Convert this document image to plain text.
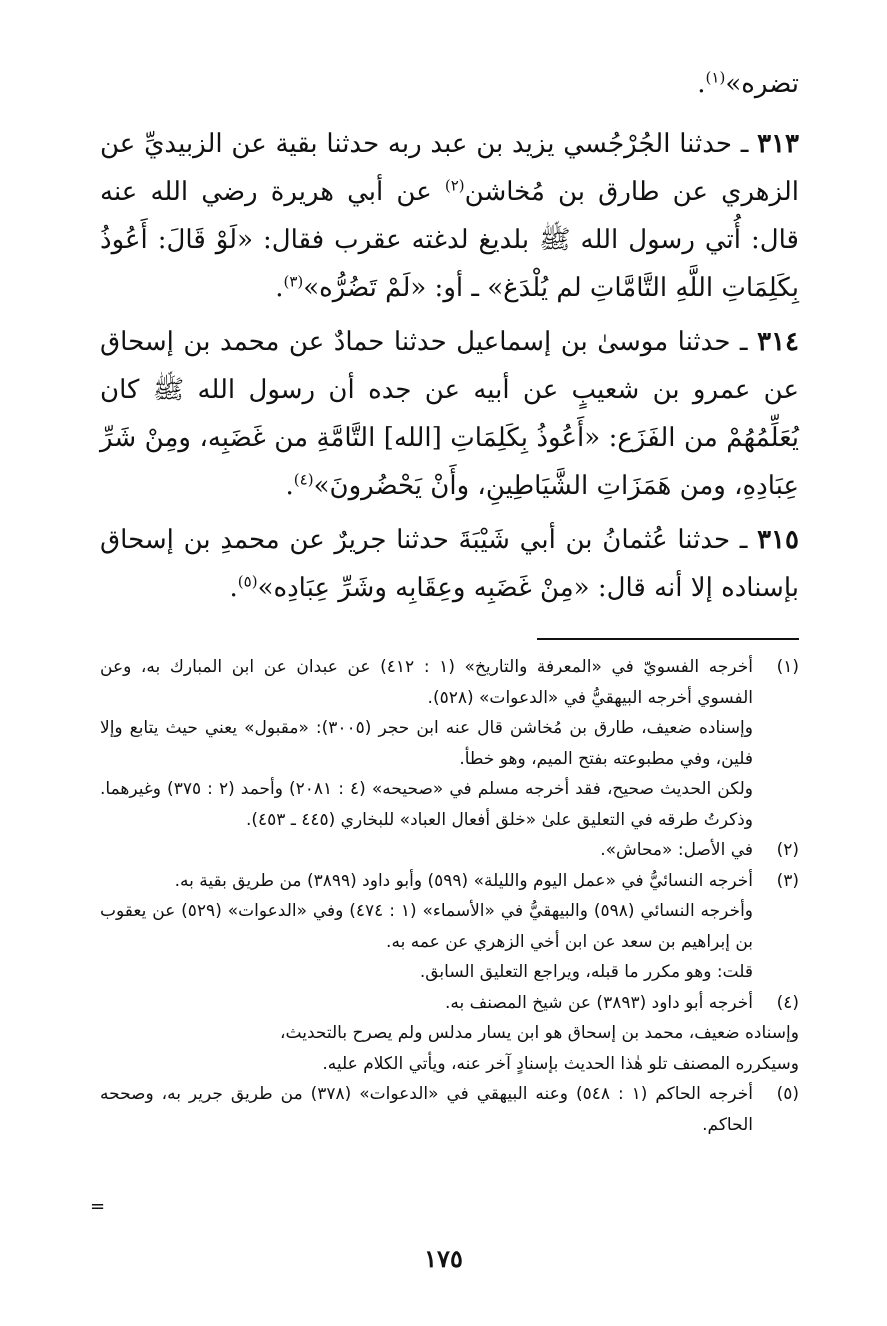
تضره»$^{(١)}$.

٣١٣ ـ حدثنا الجُرْجُسي يزيد بن عبد ربه حدثنا بقية عن الزبيديِّ عن الزهري عن طارق بن مُخاشن$^{(٢)}$ عن أبي هريرة رضي الله عنه قال: أُتي رسول الله ﷺ بلديغ لدغته عقرب فقال: «لَوْ قَالَ: أَعُوذُ بِكَلِمَاتِ اللَّهِ التَّامَّاتِ لم يُلْدَغ» ـ أو: «لَمْ تَضُرُّه»$^{(٣)}$.

٣١٤ ـ حدثنا موسىٰ بن إسماعيل حدثنا حمادٌ عن محمد بن إسحاق عن عمرو بن شعيبٍ عن أبيه عن جده أن رسول الله ﷺ كان يُعَلِّمُهُمْ من الفَزَع: «أَعُوذُ بِكَلِمَاتِ [الله] التَّامَّةِ من غَضَبِه، ومِنْ شَرِّ عِبَادِهِ، ومن هَمَزَاتِ الشَّيَاطِينِ، وأَنْ يَحْضُرونَ»$^{(٤)}$.

٣١٥ ـ حدثنا عُثمانُ بن أبي شَيْبَةَ حدثنا جريرٌ عن محمدِ بن إسحاق بإسناده إلا أنه قال: «مِنْ غَضَبِه وعِقَابِه وشَرِّ عِبَادِه»$^{(٥)}$.

(١)
أخرجه الفسويّ في «المعرفة والتاريخ» (١ : ٤١٢) عن عبدان عن ابن المبارك به، وعن الفسوي أخرجه البيهقيُّ في «الدعوات» (٥٢٨).
وإسناده ضعيف، طارق بن مُخاشن قال عنه ابن حجر (٣٠٠٥): «مقبول» يعني حيث يتابع وإلا فلين، وفي مطبوعته بفتح الميم، وهو خطأ.
ولكن الحديث صحيح، فقد أخرجه مسلم في «صحيحه» (٤ : ٢٠٨١) وأحمد (٢ : ٣٧٥) وغيرهما. وذكرتُ طرقه في التعليق علىٰ «خلق أفعال العباد» للبخاري (٤٤٥ ـ ٤٥٣).
(٢)
في الأصل: «محاش».
(٣)
أخرجه النسائيُّ في «عمل اليوم والليلة» (٥٩٩) وأبو داود (٣٨٩٩) من طريق بقية به.
وأخرجه النسائي (٥٩٨) والبيهقيُّ في «الأسماء» (١ : ٤٧٤) وفي «الدعوات» (٥٢٩) عن يعقوب بن إبراهيم بن سعد عن ابن أخي الزهري عن عمه به.
قلت: وهو مكرر ما قبله، ويراجع التعليق السابق.
(٤)
أخرجه أبو داود (٣٨٩٣) عن شيخ المصنف به.
وإسناده ضعيف، محمد بن إسحاق هو ابن يسار مدلس ولم يصرح بالتحديث،
وسيكرره المصنف تلو هٰذا الحديث بإسنادٍ آخر عنه، ويأتي الكلام عليه.
(٥)
أخرجه الحاكم (١ : ٥٤٨) وعنه البيهقي في «الدعوات» (٣٧٨) من طريق جرير به، وصححه الحاكم.
=
١٧٥
